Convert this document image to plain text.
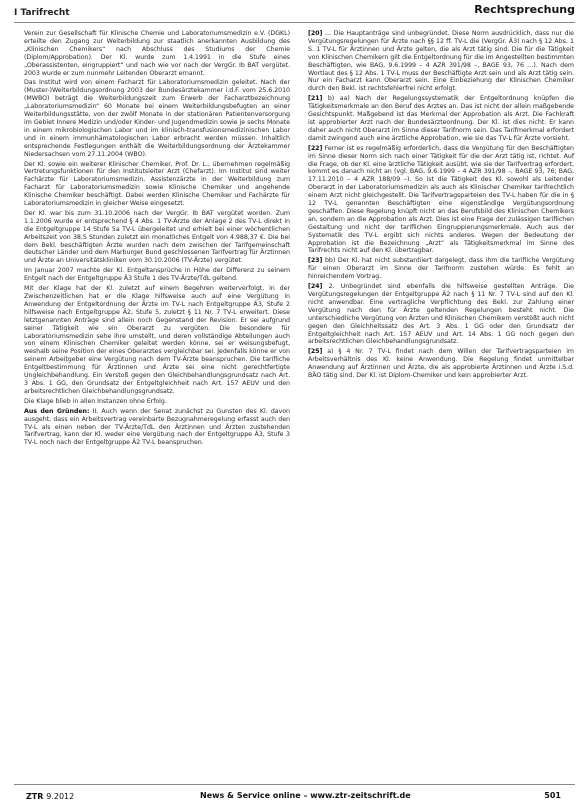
I Tarifrecht	Rechtsprechung

Verein zur Gesellschaft für Klinische Chemie und Laboratoriumsmedizin e.V. (DGKL) erteilte den Zugang zur Weiterbildung zur staatlich anerkannten Ausbildung des „Klinischen Chemikers“ nach Abschluss des Studiums der Chemie (Diplom/Approbation). Der Kl. wurde zum 1.4.1991 in die Stufe eines „Oberassistenten, eingruppiert“ und nach wie vor nach der VergGr. Ib BAT vergütet. 2003 wurde er zum nunmehr Leitenden Oberarzt ernannt.

Das Institut wird von einem Facharzt für Laboratoriumsmedizin geleitet. Nach der (Muster-)Weiterbildungsordnung 2003 der Bundesärztekammer i.d.F. vom 25.6.2010 (MWBO) beträgt die Weiterbildungszeit zum Erwerb der Facharztbezeichnung „Laboratoriumsmedizin“ 60 Monate bei einem Weiterbildungsbefugten an einer Weiterbildungsstätte, von der zwölf Monate in der stationären Patientenversorgung im Gebiet Innere Medizin und/oder Kinder- und Jugendmedizin sowie je sechs Monate in einem mikrobiologischen Labor und im klinisch-transfusionsmedizinischen Labor und in einem immunhämatologischen Labor erbracht werden müssen. Inhaltlich entsprechende Festlegungen enthält die Weiterbildungsordnung der Ärztekammer Niedersachsen vom 27.11.2004 (WBO).

Der Kl. sowie ein weiterer Klinischer Chemiker, Prof. Dr. L., übernehmen regelmäßig Vertretungsfunktionen für den Institutsleiter Arzt (Chefarzt). Im Institut sind weiter Fachärzte für Laboratoriumsmedizin, Assistenzärzte in der Weiterbildung zum Facharzt für Laboratoriumsmedizin sowie Klinische Chemiker und angehende Klinische Chemiker beschäftigt. Dabei werden Klinische Chemiker und Fachärzte für Laboratoriumsmedizin in gleicher Weise eingesetzt.

Der Kl. war bis zum 31.10.2006 nach der VergGr. Ib BAT vergütet worden. Zum 1.1.2006 wurde er entsprechend § 4 Abs. 1 TV-Ärzte der Anlage 2 des TV-L direkt in die Entgeltgruppe 14 Stufe 5a TV-L übergeleitet und erhielt bei einer wöchentlichen Arbeitszeit von 38,5 Stunden zuletzt ein monatliches Entgelt von 4.988,37 €. Die bei dem Bekl. beschäftigten Ärzte wurden nach dem zwischen der Tarifgemeinschaft deutscher Länder und dem Marburger Bund geschlossenen Tarifvertrag für Ärztinnen und Ärzte an Universitätskliniken vom 30.10.2006 (TV-Ärzte) vergütet.

Im Januar 2007 machte der Kl. Entgeltansprüche in Höhe der Differenz zu seinem Entgelt nach der Entgeltgruppe Ä3 Stufe 1 des TV-Ärzte/TdL geltend.

Mit der Klage hat der Kl. zuletzt auf einem Begehren weiterverfolgt, in der Zwischenzeitlichen hat er die Klage hilfsweise auch auf eine Vergütung in Anwendung der Entgeltordnung der Ärzte im TV-L nach Entgeltgruppe Ä3, Stufe 2 hilfsweise nach Entgeltgruppe Ä2, Stufe 5, zuletzt § 11 Nr. 7 TV-L erweitert. Diese letztgenannten Anträge sind allein noch Gegenstand der Revision. Er sei aufgrund seiner Tätigkeit wie ein Oberarzt zu vergüten. Die besondere für Laboratoriumsmedizin sehe ihre umstellt, und deren vollständige Abteilungen auch von einem Klinischen Chemiker geleitet werden könne, sei er weisungsbefugt, weshalb seine Position der eines Oberarztes vergleichbar sei. Jedenfalls könne er von seinem Arbeitgeber eine Vergütung nach dem TV-Ärzte beanspruchen. Die tarifliche Entgeltbestimmung für Ärztinnen und Ärzte sei eine nicht gerechtfertigte Ungleichbehandlung. Ein Verstoß gegen den Gleichbehandlungsgrundsatz nach Art. 3 Abs. 1 GG, den Grundsatz der Entgeltgleichheit nach Art. 157 AEUV und den arbeitsrechtlichen Gleichbehandlungsgrundsatz.

Die Klage blieb in allen Instanzen ohne Erfolg.

Aus den Gründen: II. Auch wenn der Senat zunächst zu Gunsten des Kl. davon ausgeht, dass ein Arbeitsvertrag vereinbarte Bezugnahmeregelung erfasst auch den TV-L als einen neben der TV-Ärzte/TdL den Ärztinnen und Ärzten zustehenden Tarifvertrag, kann der Kl. weder eine Vergütung nach der Entgeltgruppe Ä3, Stufe 3 TV-L noch nach der Entgeltgruppe Ä2 TV-L beanspruchen.

[20] … Die Hauptanträge sind unbegründet. Diese Norm ausdrücklich, dass nur die Vergütungsregelungen für Ärzte nach §§ 12 ff. TV-L die (VergGr. Ä3) nach § 12 Abs. 1 S. 1 TV-L für Ärztinnen und Ärzte gelten, die als Arzt tätig sind. Die für die Tätigkeit von Klinischen Chemikern gilt die Entgeltordnung für die im Angestellten bestimmten Beschäftigten, wie BAG, 9.6.1999 – 4 AZR 391/98 –, BAGE 93, 76 …). Nach dem Wortlaut des § 12 Abs. 1 TV-L muss der Beschäftigte Arzt sein und als Arzt tätig sein. Nur ein Facharzt kann Oberarzt sein. Eine Einbeziehung der Klinischen Chemiker durch den Bekl. ist rechtsfehlerfrei nicht erfolgt.

[21] b) aa) Nach der Regelungssystematik der Entgeltordnung knüpfen die Tätigkeitsmerkmale an den Beruf des Arztes an. Das ist nicht der allein maßgebende Gesichtspunkt. Maßgebend ist das Merkmal der Approbation als Arzt. Die Fachkraft ist approbierter Arzt nach der Bundesärzteordnung. Der Kl. ist dies nicht. Er kann daher auch nicht Oberarzt im Sinne dieser Tarifnorm sein. Das Tarifmerkmal erfordert damit zwingend auch eine ärztliche Approbation, wie sie das TV-L für Ärzte vorsieht.

[22] Ferner ist es regelmäßig erforderlich, dass die Vergütung für den Beschäftigten im Sinne dieser Norm sich nach einer Tätigkeit für die der Arzt tätig ist, richtet. Auf die Frage, ob der Kl. eine ärztliche Tätigkeit ausübt, wie sie der Tarifvertrag erfordert, kommt es danach nicht an (vgl. BAG, 9.6.1999 – 4 AZR 391/98 –, BAGE 93, 76; BAG, 17.11.2010 – 4 AZR 188/09 –). So ist die Tätigkeit des Kl. sowohl als Leitender Oberarzt in der Laboratoriumsmedizin als auch als Klinischer Chemiker tarifrechtlich einem Arzt nicht gleichgestellt. Die Tarifvertragsparteien des TV-L haben für die in § 12 TV-L genannten Beschäftigten eine eigenständige Vergütungsordnung geschaffen. Diese Regelung knüpft nicht an das Berufsbild des Klinischen Chemikers an, sondern an die Approbation als Arzt. Dies ist eine Frage der zulässigen tariflichen Gestaltung und nicht der tariflichen Eingruppierungsmerkmale. Auch aus der Systematik des TV-L ergibt sich nichts anderes. Wegen der Bedeutung der Approbation ist die Bezeichnung „Arzt“ als Tätigkeitsmerkmal im Sinne des Tarifrechts nicht auf den Kl. übertragbar.

[23] bb) Der Kl. hat nicht substantiiert dargelegt, dass ihm die tarifliche Vergütung für einen Oberarzt im Sinne der Tarifnorm zustehen würde. Es fehlt an hinreichendem Vortrag.

[24] 2. Unbegründet sind ebenfalls die hilfsweise gestellten Anträge. Die Vergütungsregelungen der Entgeltgruppe Ä2 nach § 11 Nr. 7 TV-L sind auf den Kl. nicht anwendbar. Eine vertragliche Verpflichtung des Bekl. zur Zahlung einer Vergütung nach den für Ärzte geltenden Regelungen besteht nicht. Die unterschiedliche Vergütung von Ärzten und Klinischen Chemikern verstößt auch nicht gegen den Gleichheitssatz des Art. 3 Abs. 1 GG oder den Grundsatz der Entgeltgleichheit nach Art. 157 AEUV und Art. 14 Abs. 1 GG noch gegen den arbeitsrechtlichen Gleichbehandlungsgrundsatz.

[25] a) § 4 Nr. 7 TV-L findet nach dem Willen der Tarifvertragsparteien im Arbeitsverhältnis des Kl. keine Anwendung. Die Regelung findet unmittelbar Anwendung auf Ärztinnen und Ärzte, die als approbierte Ärztinnen und Ärzte i.S.d. BÄO tätig sind. Der Kl. ist Diplom-Chemiker und kein approbierter Arzt.

ZTR 9.2012	News & Service online – www.ztr-zeitschrift.de	501
